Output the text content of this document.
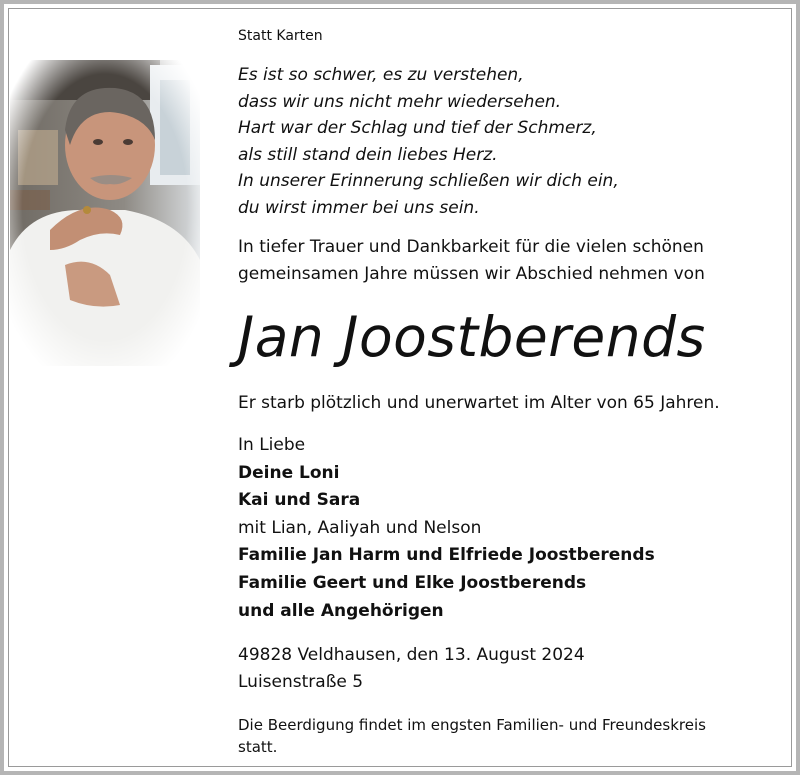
Statt Karten
Es ist so schwer, es zu verstehen,
dass wir uns nicht mehr wiedersehen.
Hart war der Schlag und tief der Schmerz,
als still stand dein liebes Herz.
In unserer Erinnerung schließen wir dich ein,
du wirst immer bei uns sein.
In tiefer Trauer und Dankbarkeit für die vielen schönen
gemeinsamen Jahre müssen wir Abschied nehmen von
Jan Joostberends
Er starb plötzlich und unerwartet im Alter von 65 Jahren.
In Liebe
Deine Loni
Kai und Sara
mit Lian, Aaliyah und Nelson
Familie Jan Harm und Elfriede Joostberends
Familie Geert und Elke Joostberends
und alle Angehörigen
49828 Veldhausen, den 13. August 2024
Luisenstraße 5
Die Beerdigung findet im engsten Familien- und Freundeskreis
statt.
